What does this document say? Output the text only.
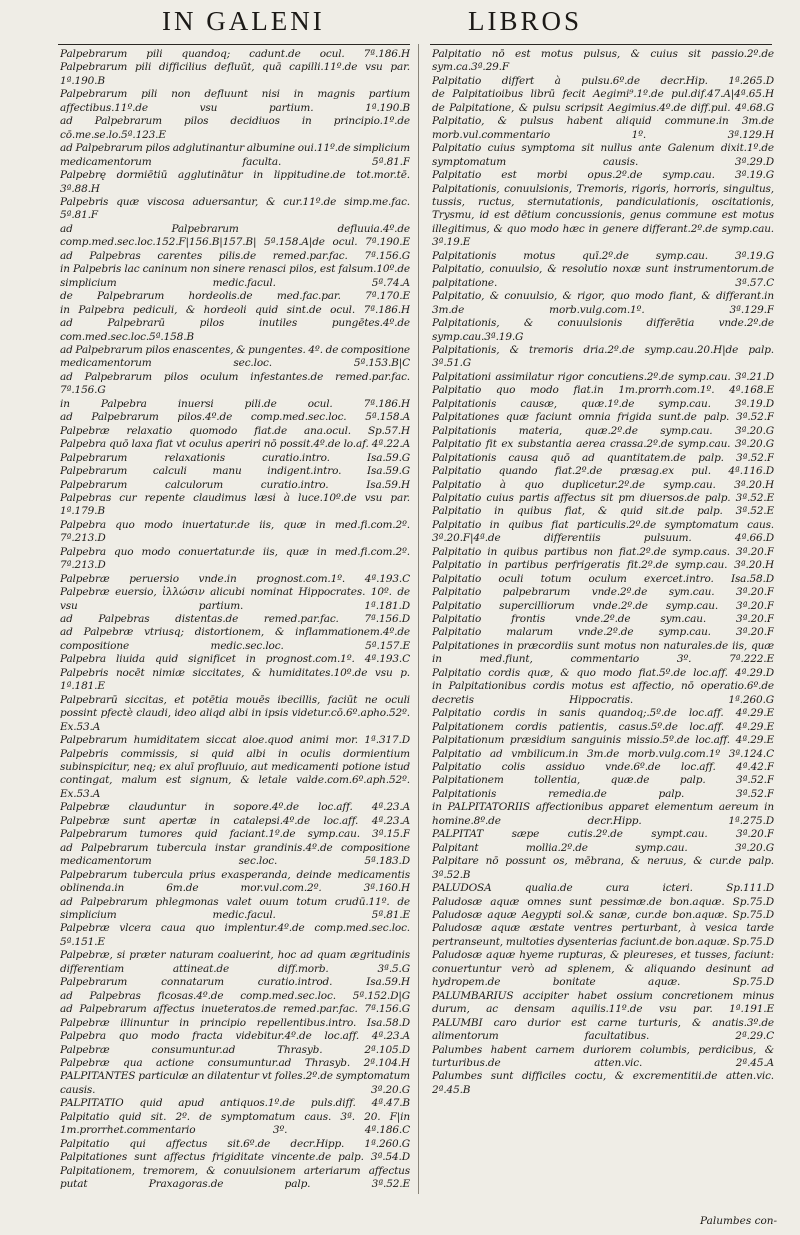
IN GALENI	LIBROS
Palpebrarum pili quandoq; cadunt.de ocul. 7ª.186.H
Palpebrarum pili difficilius defluūt, quā capilli.11º.de vsu par. 1ª.190.B
Palpebrarum pili non defluunt nisi in magnis partium affectibus.11º.de vsu partium. 1ª.190.B
ad Palpebrarum pilos decidiuos in principio.1º.de cō.me.se.lo.5ª.123.E
ad Palpebrarum pilos adglutinantur albumine oui.11º.de simplicium medicamentorum faculta. 5ª.81.F
Palpebrę dormiētiū agglutinātur in lippitudine.de tot.mor.tē. 3ª.88.H
Palpebris quæ viscosa aduersantur, & cur.11º.de simp.me.fac. 5ª.81.F
ad Palpebrarum defluuia.4º.de comp.med.sec.loc.152.F|156.B|157.B| 5ª.158.A|de ocul. 7ª.190.E
ad Palpebras carentes pilis.de remed.par.fac. 7ª.156.G
in Palpebris lac caninum non sinere renasci pilos, est falsum.10º.de simplicium medic.facul. 5ª.74.A
de Palpebrarum hordeolis.de med.fac.par. 7ª.170.E
in Palpebra pediculi, & hordeoli quid sint.de ocul. 7ª.186.H
ad Palpebrarū pilos inutiles pungētes.4º.de com.med.sec.loc.5ª.158.B
ad Palpebrarum pilos enascentes, & pungentes. 4º. de compositione medicamentorum sec.loc. 5ª.153.B|C
ad Palpebrarum pilos oculum infestantes.de remed.par.fac. 7ª.156.G
in Palpebra inuersi pili.de ocul. 7ª.186.H
ad Palpebrarum pilos.4º.de comp.med.sec.loc. 5ª.158.A
Palpebræ relaxatio quomodo fiat.de ana.ocul. Sp.57.H
Palpebra quō laxa fiat vt oculus aperiri nō possit.4º.de lo.af. 4ª.22.A
Palpebrarum relaxationis curatio.intro. Isa.59.G
Palpebrarum calculi manu indigent.intro. Isa.59.G
Palpebrarum calculorum curatio.intro. Isa.59.H
Palpebras cur repente claudimus læsi à luce.10º.de vsu par. 1ª.179.B
Palpebra quo modo inuertatur.de iis, quæ in med.fi.com.2º. 7ª.213.D
Palpebra quo modo conuertatur.de iis, quæ in med.fi.com.2º. 7ª.213.D
Palpebræ peruersio vnde.in prognost.com.1º. 4ª.193.C
Palpebræ euersio, ἰλλώσιν alicubi nominat Hippocrates. 10º. de vsu partium. 1ª.181.D
ad Palpebras distentas.de remed.par.fac. 7ª.156.D
ad Palpebræ vtriusq; distortionem, & inflammationem.4º.de compositione medic.sec.loc. 5ª.157.E
Palpebra liuida quid significet in prognost.com.1º. 4ª.193.C
Palpebris nocēt nimiæ siccitates, & humiditates.10º.de vsu p. 1ª.181.E
Palpebrarū siccitas, et potētia mouēs ibecillis, faciūt ne oculi possint pfectè claudi, ideo aliqd albi in ipsis videtur.cō.6º.apho.52º. Ex.53.A
Palpebrarum humiditatem siccat aloe.quod animi mor. 1ª.317.D
Palpebris commissis, si quid albi in oculis dormientium subinspicitur, neq; ex aluī profluuio, aut medicamenti potione istud contingat, malum est signum, & letale valde.com.6º.aph.52º. Ex.53.A
Palpebræ clauduntur in sopore.4º.de loc.aff. 4ª.23.A
Palpebræ sunt apertæ in catalepsi.4º.de loc.aff. 4ª.23.A
Palpebrarum tumores quid faciant.1º.de symp.cau. 3ª.15.F
ad Palpebrarum tubercula instar grandinis.4º.de compositione medicamentorum sec.loc. 5ª.183.D
Palpebrarum tubercula prius exasperanda, deinde medicamentis oblinenda.in 6m.de mor.vul.com.2º. 3ª.160.H
ad Palpebrarum phlegmonas valet ouum totum crudū.11º. de simplicium medic.facul. 5ª.81.E
Palpebræ vlcera caua quo implentur.4º.de comp.med.sec.loc. 5ª.151.E
Palpebræ, si præter naturam coaluerint, hoc ad quam ægritudinis differentiam attineat.de diff.morb. 3ª.5.G
Palpebrarum connatarum curatio.introd. Isa.59.H
ad Palpebras ficosas.4º.de comp.med.sec.loc. 5ª.152.D|G
ad Palpebrarum affectus inueteratos.de remed.par.fac. 7ª.156.G
Palpebræ illinuntur in principio repellentibus.intro. Isa.58.D
Palpebra quo modo fracta videbitur.4º.de loc.aff. 4ª.23.A
Palpebræ consumuntur.ad Thrasyb. 2ª.105.D
Palpebræ qua actione consumuntur.ad Thrasyb. 2ª.104.H
PALPITANTES particulæ an dilatentur vt folles.2º.de symptomatum causis. 3ª.20.G
PALPITATIO quid apud antiquos.1º.de puls.diff. 4ª.47.B
Palpitatio quid sit. 2º. de symptomatum caus. 3ª. 20. F|in 1m.prorrhet.commentario 3º. 4ª.186.C
Palpitatio qui affectus sit.6º.de decr.Hipp. 1ª.260.G
Palpitationes sunt affectus frigiditate vincente.de palp. 3ª.54.D
Palpitationem, tremorem, & conuulsionem arteriarum affectus putat Praxagoras.de palp. 3ª.52.E
Palpitatio nō est motus pulsus, & cuius sit passio.2º.de sym.ca.3ª.29.F
Palpitatio differt à pulsu.6º.de decr.Hip. 1ª.265.D
de Palpitatioibus librū fecit Aegimi⁹.1º.de pul.dif.47.A|4ª.65.H
de Palpitatione, & pulsu scripsit Aegimius.4º.de diff.pul. 4ª.68.G
Palpitatio, & pulsus habent aliquid commune.in 3m.de morb.vul.commentario 1º. 3ª.129.H
Palpitatio cuius symptoma sit nullus ante Galenum dixit.1º.de symptomatum causis. 3ª.29.D
Palpitatio est morbi opus.2º.de symp.cau. 3ª.19.G
Palpitationis, conuulsionis, Tremoris, rigoris, horroris, singultus, tussis, ructus, sternutationis, pandiculationis, oscitationis, Trysmu, id est dētium concussionis, genus commune est motus illegitimus, & quo modo hæc in genere differant.2º.de symp.cau. 3ª.19.E
Palpitationis motus quī.2º.de symp.cau. 3ª.19.G
Palpitatio, conuulsio, & resolutio noxæ sunt instrumentorum.de palpitatione. 3ª.57.C
Palpitatio, & conuulsio, & rigor, quo modo fiant, & differant.in 3m.de morb.vulg.com.1º. 3ª.129.F
Palpitationis, & conuulsionis differētia vnde.2º.de symp.cau.3ª.19.G
Palpitationis, & tremoris dria.2º.de symp.cau.20.H|de palp. 3ª.51.G
Palpitationi assimilatur rigor concutiens.2º.de symp.cau. 3ª.21.D
Palpitatio quo modo fiat.in 1m.prorrh.com.1º. 4ª.168.E
Palpitationis causæ, quæ.1º.de symp.cau. 3ª.19.D
Palpitationes quæ faciunt omnia frigida sunt.de palp. 3ª.52.F
Palpitationis materia, quæ.2º.de symp.cau. 3ª.20.G
Palpitatio fit ex substantia aerea crassa.2º.de symp.cau. 3ª.20.G
Palpitationis causa quō ad quantitatem.de palp. 3ª.52.F
Palpitatio quando fiat.2º.de præsag.ex pul. 4ª.116.D
Palpitatio à quo duplicetur.2º.de symp.cau. 3ª.20.H
Palpitatio cuius partis affectus sit pm diuersos.de palp. 3ª.52.E
Palpitatio in quibus fiat, & quid sit.de palp. 3ª.52.E
Palpitatio in quibus fiat particulis.2º.de symptomatum caus. 3ª.20.F|4ª.de differentiis pulsuum. 4ª.66.D
Palpitatio in quibus partibus non fiat.2º.de symp.caus. 3ª.20.F
Palpitatio in partibus perfrigeratis fit.2º.de symp.cau. 3ª.20.H
Palpitatio oculi totum oculum exercet.intro. Isa.58.D
Palpitatio palpebrarum vnde.2º.de sym.cau. 3ª.20.F
Palpitatio supercilliorum vnde.2º.de symp.cau. 3ª.20.F
Palpitatio frontis vnde.2º.de sym.cau. 3ª.20.F
Palpitatio malarum vnde.2º.de symp.cau. 3ª.20.F
Palpitationes in præcordiis sunt motus non naturales.de iis, quæ in med.fiunt, commentario 3º. 7ª.222.E
Palpitatio cordis quæ, & quo modo fiat.5º.de loc.aff. 4ª.29.D
in Palpitationibus cordis motus est affectio, nō operatio.6º.de decretis Hippocratis. 1ª.260.G
Palpitatio cordis in sanis quandoq;.5º.de loc.aff. 4ª.29.E
Palpitationem cordis patientis, casus.5º.de loc.aff. 4ª.29.E
Palpitationum præsidium sanguinis missio.5º.de loc.aff. 4ª.29.E
Palpitatio ad vmbilicum.in 3m.de morb.vulg.com.1º 3ª.124.C
Palpitatio colis assiduo vnde.6º.de loc.aff. 4ª.42.F
Palpitationem tollentia, quæ.de palp. 3ª.52.F
Palpitationis remedia.de palp. 3ª.52.F
in PALPITATORIIS affectionibus apparet elementum aereum in homine.8º.de decr.Hipp. 1ª.275.D
PALPITAT sæpe cutis.2º.de sympt.cau. 3ª.20.F
Palpitant mollia.2º.de symp.cau. 3ª.20.G
Palpitare nō possunt os, mēbrana, & neruus, & cur.de palp. 3ª.52.B
PALUDOSA qualia.de cura icteri. Sp.111.D
Paludosæ aquæ omnes sunt pessimæ.de bon.aquæ. Sp.75.D
Paludosæ aquæ Aegypti sol.& sanæ, cur.de bon.aquæ. Sp.75.D
Paludosæ aquæ æstate ventres perturbant, à vesica tarde pertranseunt, multoties dysenterias faciunt.de bon.aquæ. Sp.75.D
Paludosæ aquæ hyeme rupturas, & pleureses, et tusses, faciunt: conuertuntur verò ad splenem, & aliquando desinunt ad hydropem.de bonitate aquæ. Sp.75.D
PALUMBARIUS accipiter habet ossium concretionem minus durum, ac densam aquilis.11º.de vsu par. 1ª.191.E
PALUMBI caro durior est carne turturis, & anatis.3º.de alimentorum facultatibus. 2ª.29.C
Palumbes habent carnem duriorem columbis, perdicibus, & turturibus.de atten.vic. 2ª.45.A
Palumbes sunt difficiles coctu, & excrementitii.de atten.vic. 2ª.45.B
Palumbes con-
